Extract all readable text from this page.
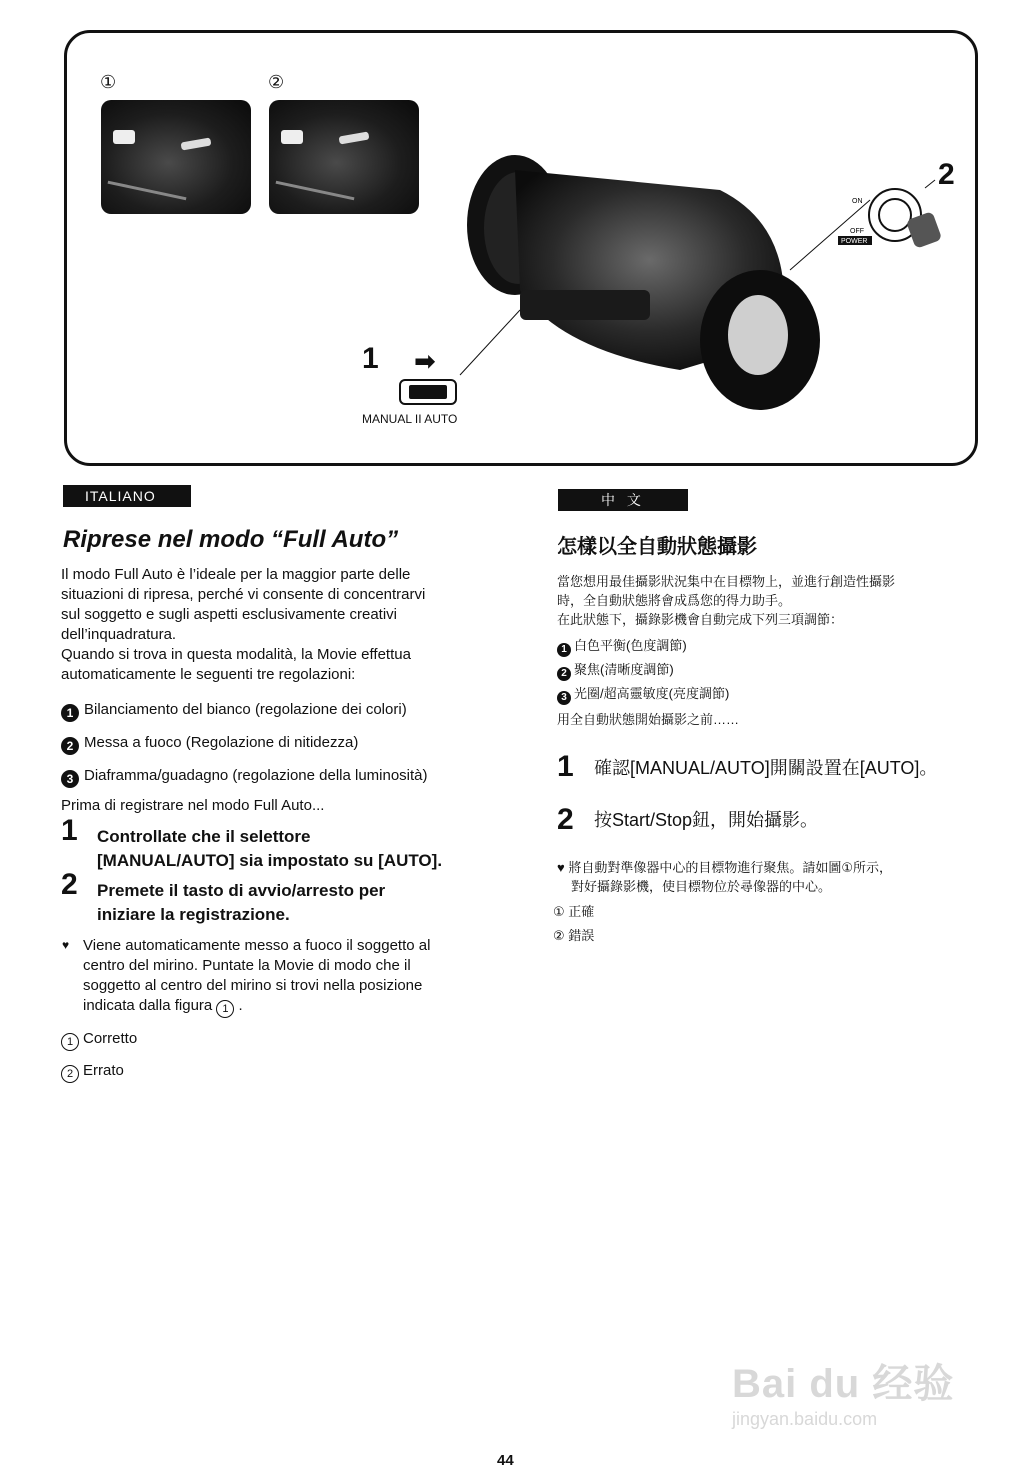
①	②
ON
OFF
POWER
2
1 ➡
MANUAL II AUTO
ITALIANO
Riprese nel modo “Full Auto”
Il modo Full Auto è l’ideale per la maggior parte delle
situazioni di ripresa, perché vi consente di concentrarvi
sul soggetto e sugli aspetti esclusivamente creativi
dell’inquadratura.
Quando si trova in questa modalità, la Movie effettua
automaticamente le seguenti tre regolazioni:
1 Bilanciamento del bianco (regolazione dei colori)
2 Messa a fuoco (Regolazione di nitidezza)
3 Diaframma/guadagno (regolazione della luminosità)
Prima di registrare nel modo Full Auto...
1 Controllate che il selettore
[MANUAL/AUTO] sia impostato su [AUTO].
2 Premete il tasto di avvio/arresto per
iniziare la registrazione.
♥ Viene automaticamente messo a fuoco il soggetto al
centro del mirino. Puntate la Movie di modo che il
soggetto al centro del mirino si trovi nella posizione
indicata dalla figura 1 .
1 Corretto
2 Errato
中 文
怎樣以全自動狀態攝影
當您想用最佳攝影狀況集中在目標物上，並進行創造性攝影
時，全自動狀態將會成爲您的得力助手。
在此狀態下，攝錄影機會自動完成下列三項調節：
1 白色平衡(色度調節)
2 聚焦(清晰度調節)
3 光圈/超高靈敏度(亮度調節)
用全自動狀態開始攝影之前……
1 確認[MANUAL/AUTO]開關設置在[AUTO]。
2 按Start/Stop鈕，開始攝影。
♥ 將自動對準像器中心的目標物進行聚焦。請如圖①所示，
對好攝錄影機，使目標物位於尋像器的中心。
① 正確
② 錯誤
Bai du 经验
jingyan.baidu.com
44
